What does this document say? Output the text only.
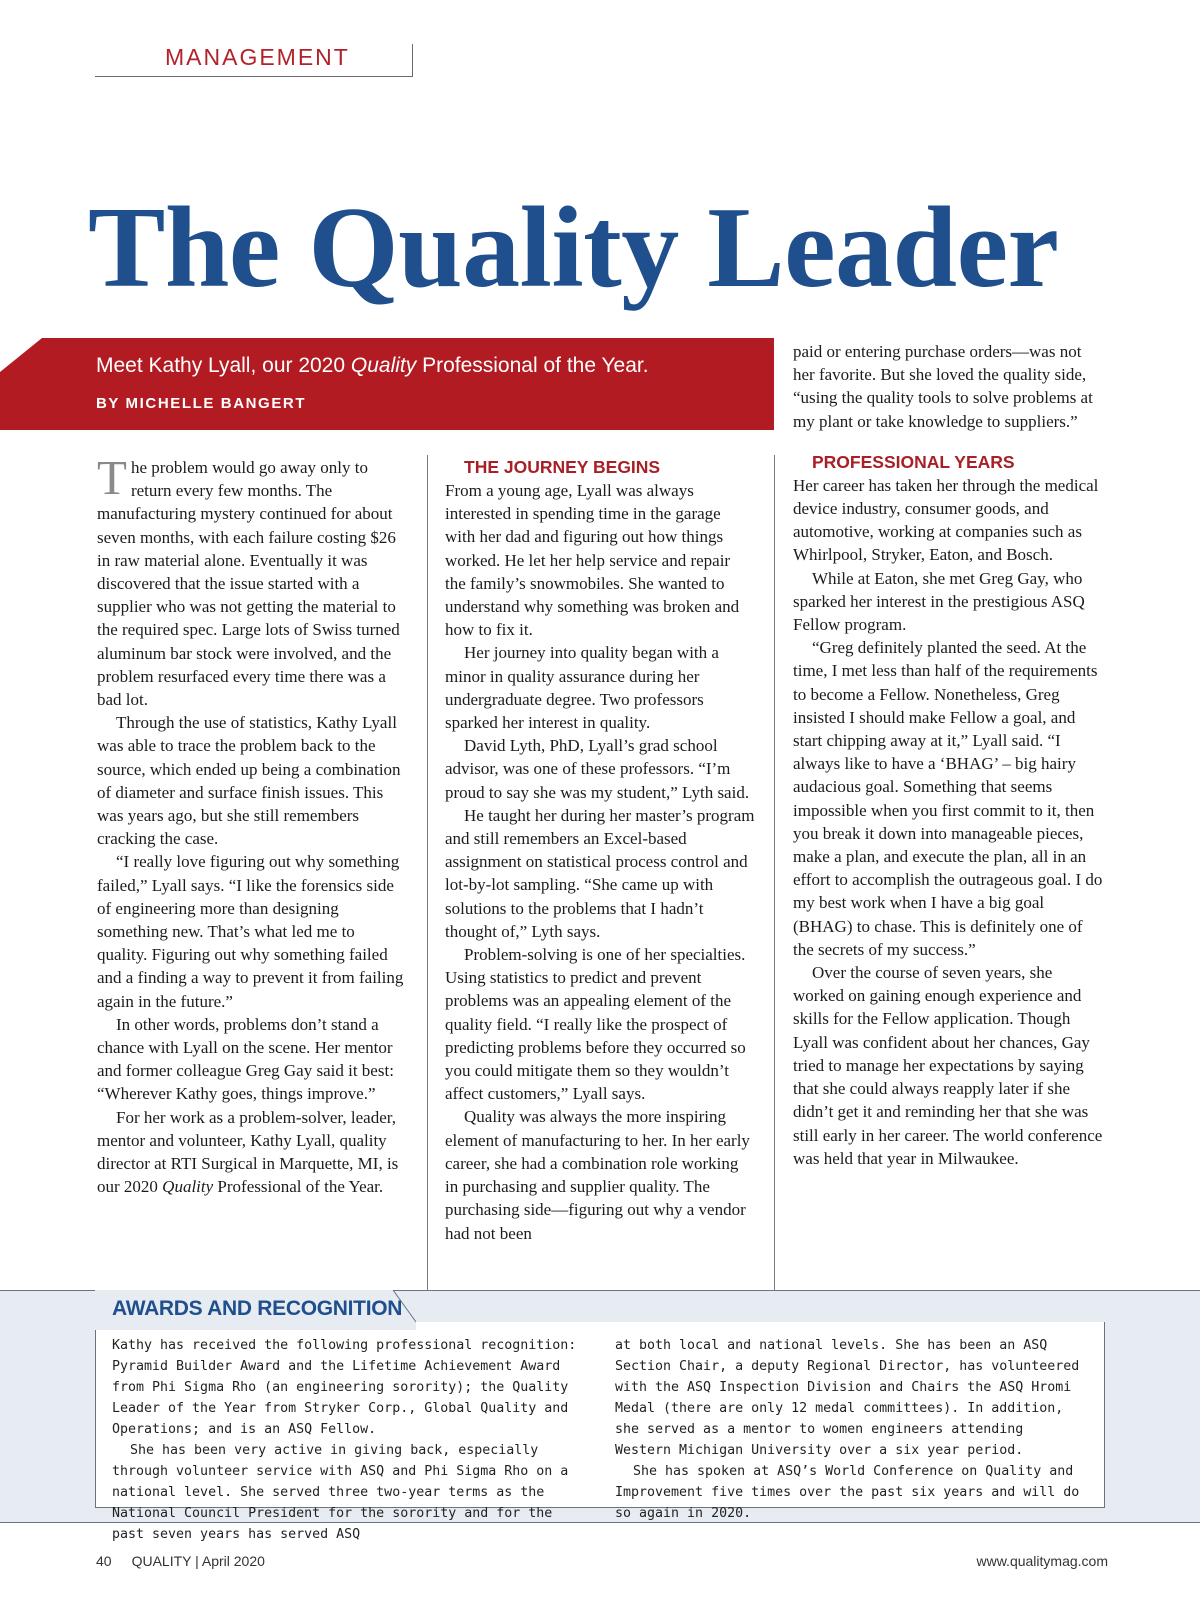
MANAGEMENT
The Quality Leader
Meet Kathy Lyall, our 2020 Quality Professional of the Year.
BY MICHELLE BANGERT

The problem would go away only to return every few months. The manufacturing mystery continued for about seven months, with each failure costing $26 in raw material alone. Eventually it was discovered that the issue started with a supplier who was not getting the material to the required spec. Large lots of Swiss turned aluminum bar stock were involved, and the problem resurfaced every time there was a bad lot.

Through the use of statistics, Kathy Lyall was able to trace the problem back to the source, which ended up being a combination of diameter and surface finish issues. This was years ago, but she still remembers cracking the case.

“I really love figuring out why something failed,” Lyall says. “I like the forensics side of engineering more than designing something new. That’s what led me to quality. Figuring out why something failed and a finding a way to prevent it from failing again in the future.”

In other words, problems don’t stand a chance with Lyall on the scene. Her mentor and former colleague Greg Gay said it best: “Wherever Kathy goes, things improve.”

For her work as a problem-solver, leader, mentor and volunteer, Kathy Lyall, quality director at RTI Surgical in Marquette, MI, is our 2020 Quality Professional of the Year.

THE JOURNEY BEGINS

From a young age, Lyall was always interested in spending time in the garage with her dad and figuring out how things worked. He let her help service and repair the family’s snowmobiles. She wanted to understand why something was broken and how to fix it.

Her journey into quality began with a minor in quality assurance during her undergraduate degree. Two professors sparked her interest in quality.

David Lyth, PhD, Lyall’s grad school advisor, was one of these professors. “I’m proud to say she was my student,” Lyth said.

He taught her during her master’s program and still remembers an Excel-based assignment on statistical process control and lot-by-lot sampling. “She came up with solutions to the problems that I hadn’t thought of,” Lyth says.

Problem-solving is one of her specialties. Using statistics to predict and prevent problems was an appealing element of the quality field. “I really like the prospect of predicting problems before they occurred so you could mitigate them so they wouldn’t affect customers,” Lyall says.

Quality was always the more inspiring element of manufacturing to her. In her early career, she had a combination role working in purchasing and supplier quality. The purchasing side—figuring out why a vendor had not been

paid or entering purchase orders—was not her favorite. But she loved the quality side, “using the quality tools to solve problems at my plant or take knowledge to suppliers.”

PROFESSIONAL YEARS

Her career has taken her through the medical device industry, consumer goods, and automotive, working at companies such as Whirlpool, Stryker, Eaton, and Bosch.

While at Eaton, she met Greg Gay, who sparked her interest in the prestigious ASQ Fellow program.

“Greg definitely planted the seed. At the time, I met less than half of the requirements to become a Fellow. Nonetheless, Greg insisted I should make Fellow a goal, and start chipping away at it,” Lyall said. “I always like to have a ‘BHAG’ – big hairy audacious goal. Something that seems impossible when you first commit to it, then you break it down into manageable pieces, make a plan, and execute the plan, all in an effort to accomplish the outrageous goal. I do my best work when I have a big goal (BHAG) to chase. This is definitely one of the secrets of my success.”

Over the course of seven years, she worked on gaining enough experience and skills for the Fellow application. Though Lyall was confident about her chances, Gay tried to manage her expectations by saying that she could always reapply later if she didn’t get it and reminding her that she was still early in her career. The world conference was held that year in Milwaukee.

AWARDS AND RECOGNITION

Kathy has received the following professional recognition: Pyramid Builder Award and the Lifetime Achievement Award from Phi Sigma Rho (an engineering sorority); the Quality Leader of the Year from Stryker Corp., Global Quality and Operations; and is an ASQ Fellow.

She has been very active in giving back, especially through volunteer service with ASQ and Phi Sigma Rho on a national level. She served three two-year terms as the National Council President for the sorority and for the past seven years has served ASQ

at both local and national levels. She has been an ASQ Section Chair, a deputy Regional Director, has volunteered with the ASQ Inspection Division and Chairs the ASQ Hromi Medal (there are only 12 medal committees). In addition, she served as a mentor to women engineers attending Western Michigan University over a six year period.

She has spoken at ASQ’s World Conference on Quality and Improvement five times over the past six years and will do so again in 2020.

40 QUALITY | April 2020	www.qualitymag.com
